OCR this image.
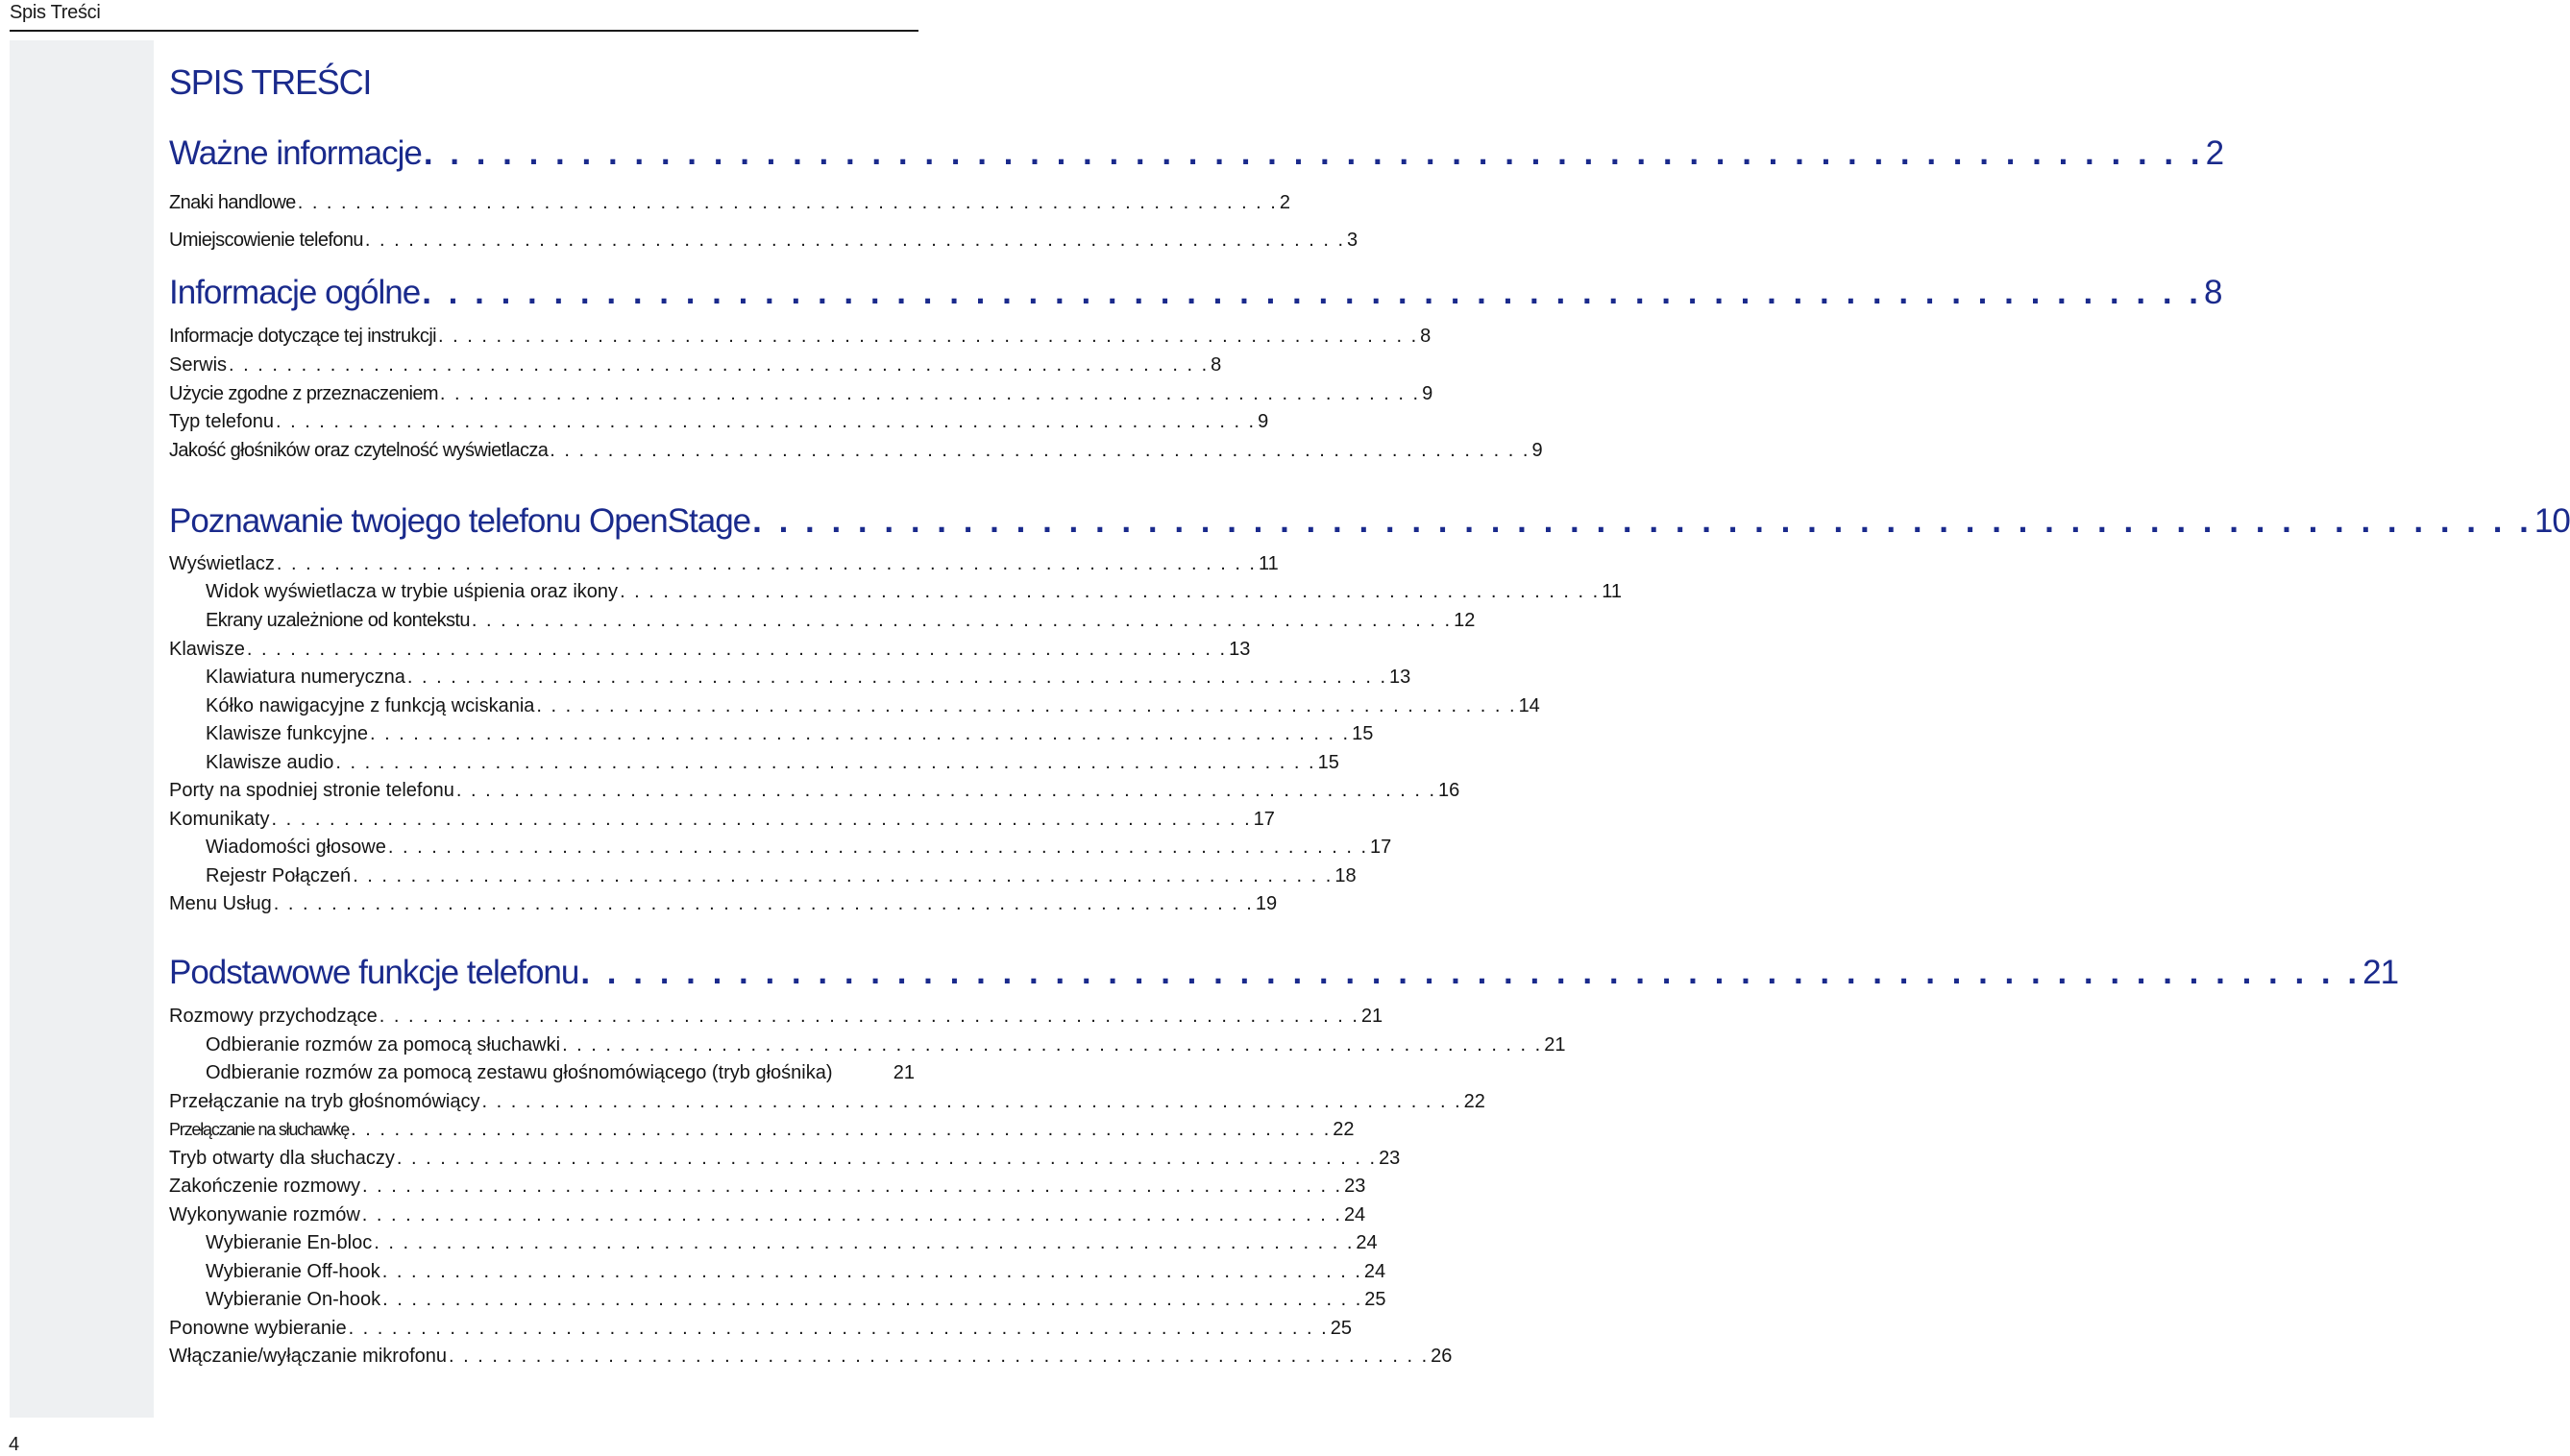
Spis Treści
SPIS TREŚCI
Ważne informacje . . . . . . . . . . . . . . . . . . . . . . . . . . . . . . . . . . . . . . . . . . . . . . . . . . . . . . . . . . . . . . . . . . . . 2
Znaki handlowe . . . . . . . . . . . . . . . . . . . . . . . . . . . . . . . . . . . . . . . . . . . . . . . . . . . . . . . . . . . . . . . . . . . . 2
Umiejscowienie telefonu . . . . . . . . . . . . . . . . . . . . . . . . . . . . . . . . . . . . . . . . . . . . . . . . . . . . . . . . . . . . . . . . . . . . 3
Informacje ogólne . . . . . . . . . . . . . . . . . . . . . . . . . . . . . . . . . . . . . . . . . . . . . . . . . . . . . . . . . . . . . . . . . . . . 8
Informacje dotyczące tej instrukcji . . . . . . . . . . . . . . . . . . . . . . . . . . . . . . . . . . . . . . . . . . . . . . . . . . . . . . . . . . . . . . . . . . . . 8
Serwis . . . . . . . . . . . . . . . . . . . . . . . . . . . . . . . . . . . . . . . . . . . . . . . . . . . . . . . . . . . . . . . . . . . . 8
Użycie zgodne z przeznaczeniem . . . . . . . . . . . . . . . . . . . . . . . . . . . . . . . . . . . . . . . . . . . . . . . . . . . . . . . . . . . . . . . . . . . . 9
Typ telefonu . . . . . . . . . . . . . . . . . . . . . . . . . . . . . . . . . . . . . . . . . . . . . . . . . . . . . . . . . . . . . . . . . . . . 9
Jakość głośników oraz czytelność wyświetlacza . . . . . . . . . . . . . . . . . . . . . . . . . . . . . . . . . . . . . . . . . . . . . . . . . . . . . . . . . . . . . . . . . . . . 9
Poznawanie twojego telefonu OpenStage . . . . . . . . . . . . . . . . . . . . . . . . . . . . . . . . . . . . . . . . . . . . . . . . . . . . . . . . . . . . . . . . . . . . 10
Wyświetlacz . . . . . . . . . . . . . . . . . . . . . . . . . . . . . . . . . . . . . . . . . . . . . . . . . . . . . . . . . . . . . . . . . . . . 11
Widok wyświetlacza w trybie uśpienia oraz ikony . . . . . . . . . . . . . . . . . . . . . . . . . . . . . . . . . . . . . . . . . . . . . . . . . . . . . . . . . . . . . . . . . . . . 11
Ekrany uzależnione od kontekstu . . . . . . . . . . . . . . . . . . . . . . . . . . . . . . . . . . . . . . . . . . . . . . . . . . . . . . . . . . . . . . . . . . . . 12
Klawisze . . . . . . . . . . . . . . . . . . . . . . . . . . . . . . . . . . . . . . . . . . . . . . . . . . . . . . . . . . . . . . . . . . . . 13
Klawiatura numeryczna . . . . . . . . . . . . . . . . . . . . . . . . . . . . . . . . . . . . . . . . . . . . . . . . . . . . . . . . . . . . . . . . . . . . 13
Kółko nawigacyjne z funkcją wciskania . . . . . . . . . . . . . . . . . . . . . . . . . . . . . . . . . . . . . . . . . . . . . . . . . . . . . . . . . . . . . . . . . . . . 14
Klawisze funkcyjne . . . . . . . . . . . . . . . . . . . . . . . . . . . . . . . . . . . . . . . . . . . . . . . . . . . . . . . . . . . . . . . . . . . . 15
Klawisze audio . . . . . . . . . . . . . . . . . . . . . . . . . . . . . . . . . . . . . . . . . . . . . . . . . . . . . . . . . . . . . . . . . . . . 15
Porty na spodniej stronie telefonu . . . . . . . . . . . . . . . . . . . . . . . . . . . . . . . . . . . . . . . . . . . . . . . . . . . . . . . . . . . . . . . . . . . . 16
Komunikaty . . . . . . . . . . . . . . . . . . . . . . . . . . . . . . . . . . . . . . . . . . . . . . . . . . . . . . . . . . . . . . . . . . . . 17
Wiadomości głosowe . . . . . . . . . . . . . . . . . . . . . . . . . . . . . . . . . . . . . . . . . . . . . . . . . . . . . . . . . . . . . . . . . . . . 17
Rejestr Połączeń . . . . . . . . . . . . . . . . . . . . . . . . . . . . . . . . . . . . . . . . . . . . . . . . . . . . . . . . . . . . . . . . . . . . 18
Menu Usług . . . . . . . . . . . . . . . . . . . . . . . . . . . . . . . . . . . . . . . . . . . . . . . . . . . . . . . . . . . . . . . . . . . . 19
Podstawowe funkcje telefonu . . . . . . . . . . . . . . . . . . . . . . . . . . . . . . . . . . . . . . . . . . . . . . . . . . . . . . . . . . . . . . . . . . . . 21
Rozmowy przychodzące . . . . . . . . . . . . . . . . . . . . . . . . . . . . . . . . . . . . . . . . . . . . . . . . . . . . . . . . . . . . . . . . . . . . 21
Odbieranie rozmów za pomocą słuchawki . . . . . . . . . . . . . . . . . . . . . . . . . . . . . . . . . . . . . . . . . . . . . . . . . . . . . . . . . . . . . . . . . . . . 21
Odbieranie rozmów za pomocą zestawu głośnomówiącego (tryb głośnika)	21
Przełączanie na tryb głośnomówiący . . . . . . . . . . . . . . . . . . . . . . . . . . . . . . . . . . . . . . . . . . . . . . . . . . . . . . . . . . . . . . . . . . . . 22
Przełączanie na słuchawkę . . . . . . . . . . . . . . . . . . . . . . . . . . . . . . . . . . . . . . . . . . . . . . . . . . . . . . . . . . . . . . . . . . . . 22
Tryb otwarty dla słuchaczy . . . . . . . . . . . . . . . . . . . . . . . . . . . . . . . . . . . . . . . . . . . . . . . . . . . . . . . . . . . . . . . . . . . . 23
Zakończenie rozmowy . . . . . . . . . . . . . . . . . . . . . . . . . . . . . . . . . . . . . . . . . . . . . . . . . . . . . . . . . . . . . . . . . . . . 23
Wykonywanie rozmów . . . . . . . . . . . . . . . . . . . . . . . . . . . . . . . . . . . . . . . . . . . . . . . . . . . . . . . . . . . . . . . . . . . . 24
Wybieranie En-bloc . . . . . . . . . . . . . . . . . . . . . . . . . . . . . . . . . . . . . . . . . . . . . . . . . . . . . . . . . . . . . . . . . . . . 24
Wybieranie Off-hook . . . . . . . . . . . . . . . . . . . . . . . . . . . . . . . . . . . . . . . . . . . . . . . . . . . . . . . . . . . . . . . . . . . . 24
Wybieranie On-hook . . . . . . . . . . . . . . . . . . . . . . . . . . . . . . . . . . . . . . . . . . . . . . . . . . . . . . . . . . . . . . . . . . . . 25
Ponowne wybieranie . . . . . . . . . . . . . . . . . . . . . . . . . . . . . . . . . . . . . . . . . . . . . . . . . . . . . . . . . . . . . . . . . . . . 25
Włączanie/wyłączanie mikrofonu . . . . . . . . . . . . . . . . . . . . . . . . . . . . . . . . . . . . . . . . . . . . . . . . . . . . . . . . . . . . . . . . . . . . 26
4
